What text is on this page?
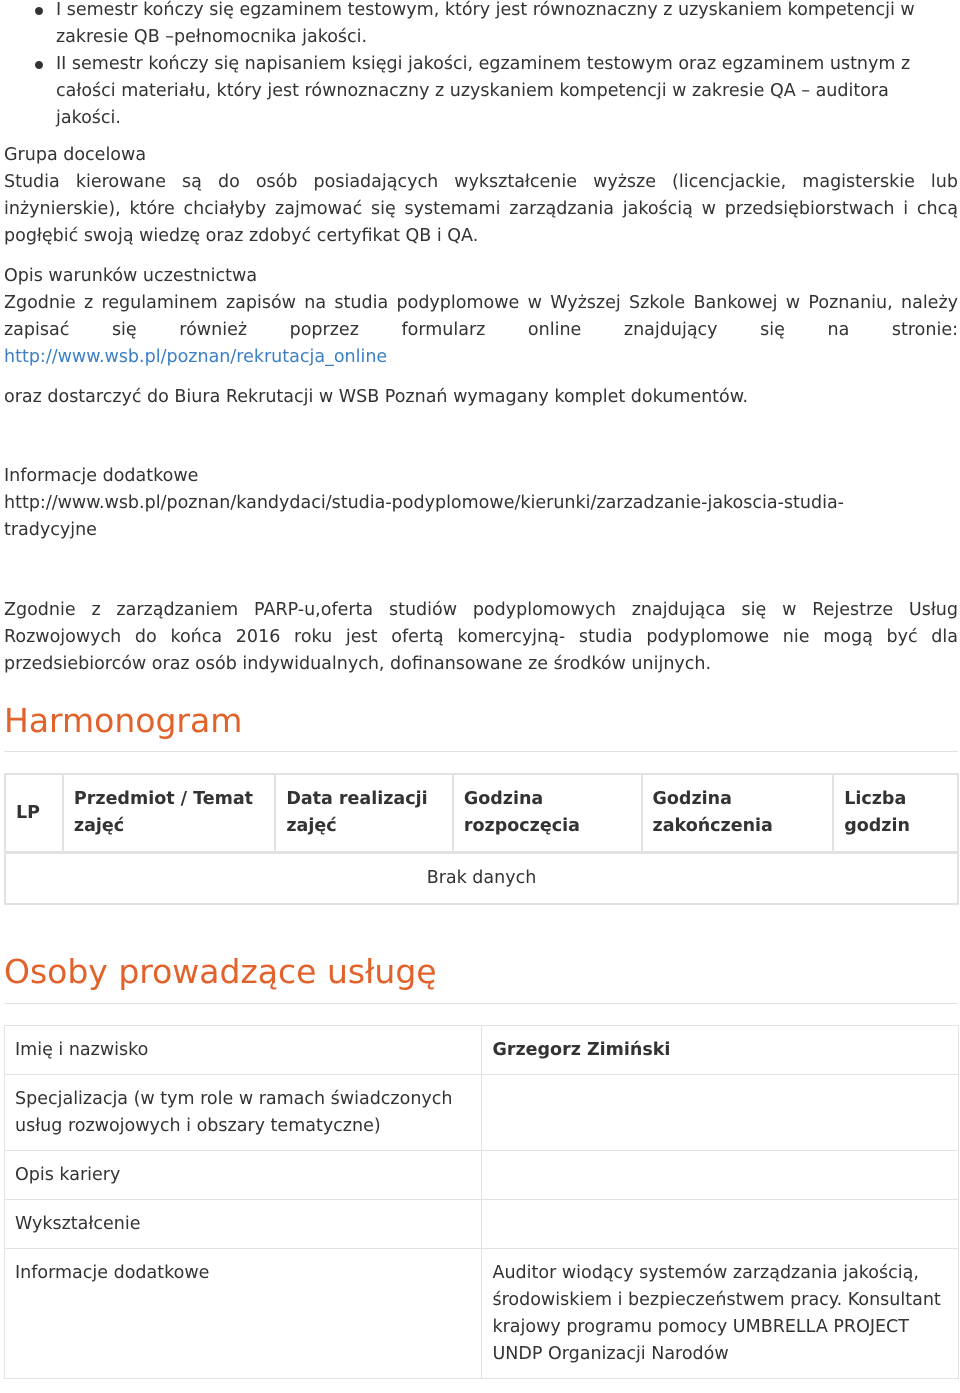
I semestr kończy się egzaminem testowym, który jest równoznaczny z uzyskaniem kompetencji w zakresie QB –pełnomocnika jakości.
II semestr kończy się napisaniem księgi jakości, egzaminem testowym oraz egzaminem ustnym z całości materiału, który jest równoznaczny z uzyskaniem kompetencji w zakresie QA – auditora jakości.
Grupa docelowa
Studia kierowane są do osób posiadających wykształcenie wyższe (licencjackie, magisterskie lub inżynierskie), które chciałyby zajmować się systemami zarządzania jakością w przedsiębiorstwach i chcą pogłębić swoją wiedzę oraz zdobyć certyfikat QB i QA.
Opis warunków uczestnictwa
Zgodnie z regulaminem zapisów na studia podyplomowe w Wyższej Szkole Bankowej w Poznaniu, należy zapisać się również poprzez formularz online znajdujący się na stronie:
http://www.wsb.pl/poznan/rekrutacja_online
oraz dostarczyć do Biura Rekrutacji w WSB Poznań wymagany komplet dokumentów.
Informacje dodatkowe
http://www.wsb.pl/poznan/kandydaci/studia-podyplomowe/kierunki/zarzadzanie-jakoscia-studia-
tradycyjne
Zgodnie z zarządzaniem PARP-u,oferta studiów podyplomowych znajdująca się w Rejestrze Usług Rozwojowych do końca 2016 roku jest ofertą komercyjną- studia podyplomowe nie mogą być dla przedsiebiorców oraz osób indywidualnych, dofinansowane ze środków unijnych.
Harmonogram
LP	Przedmiot / Temat zajęć	Data realizacji zajęć	Godzina rozpoczęcia	Godzina zakończenia	Liczba godzin
Brak danych
Osoby prowadzące usługę
Imię i nazwisko	Grzegorz Zimiński
Specjalizacja (w tym role w ramach świadczonych usług rozwojowych i obszary tematyczne)	
Opis kariery	
Wykształcenie	
Informacje dodatkowe	Auditor wiodący systemów zarządzania jakością, środowiskiem i bezpieczeństwem pracy. Konsultant krajowy programu pomocy UMBRELLA PROJECT UNDP Organizacji Narodów
